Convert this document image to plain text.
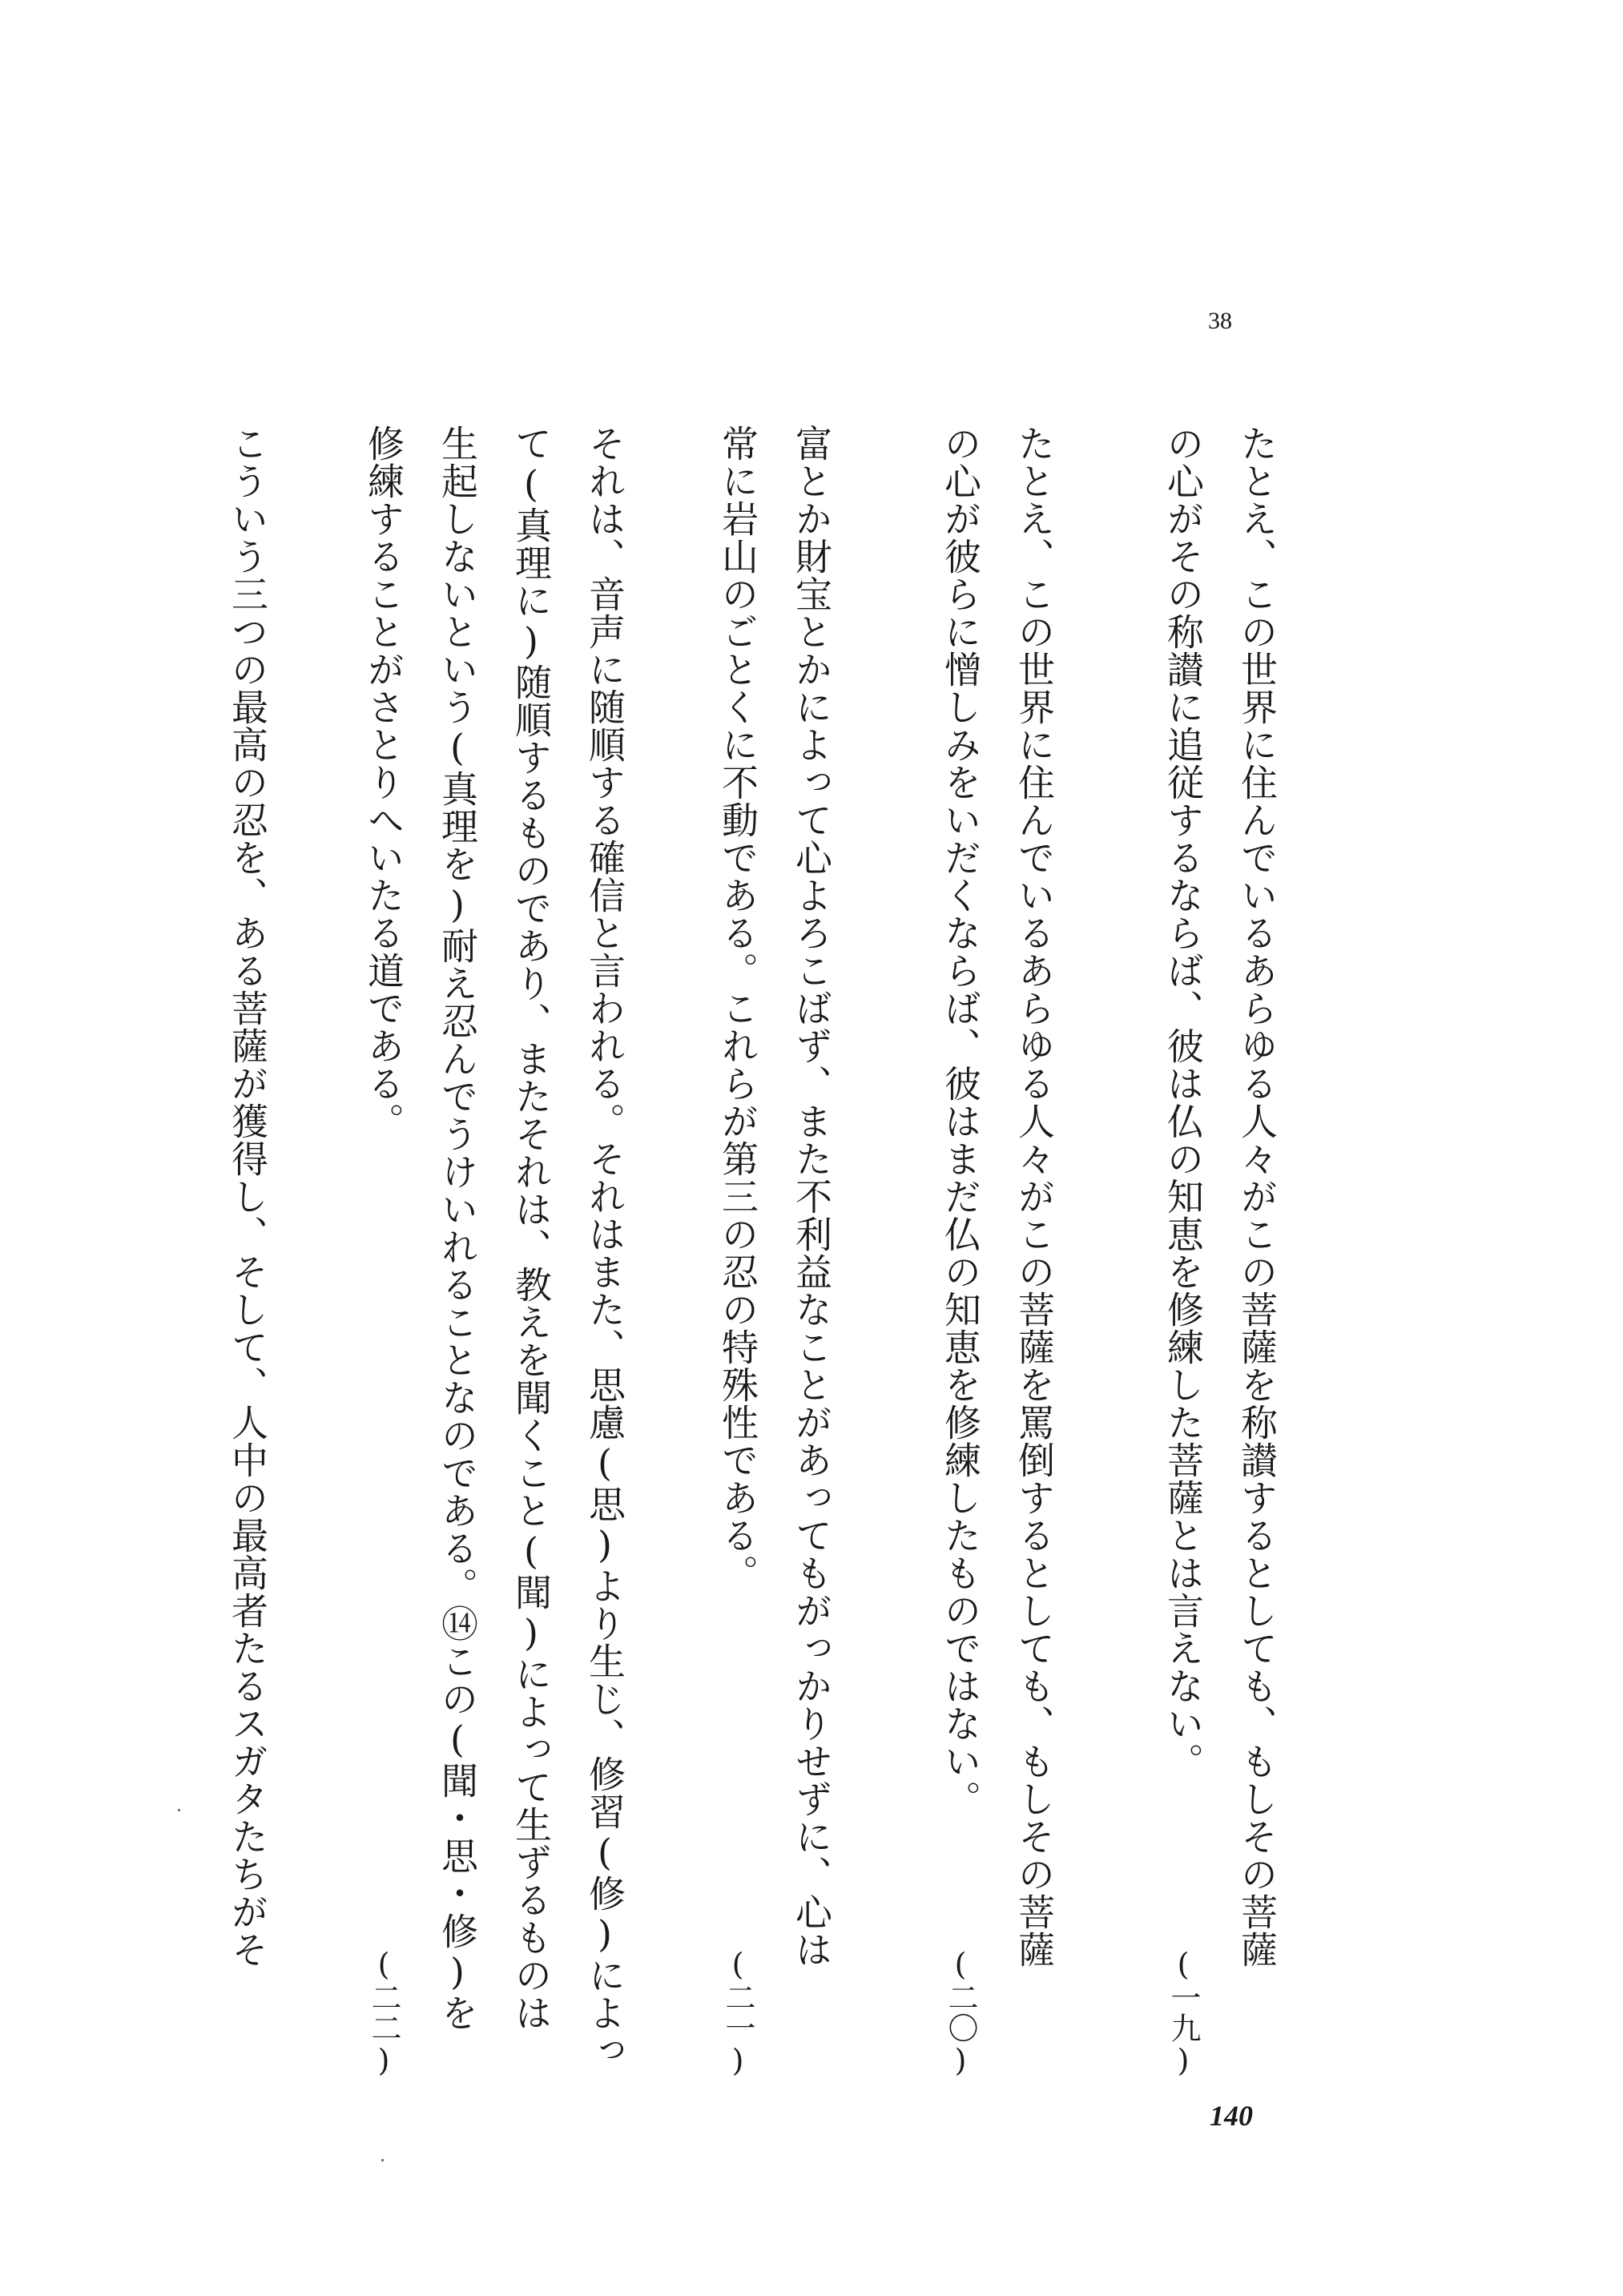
38
たとえ、この世界に住んでいるあらゆる人々がこの菩薩を称讃するとしても、もしその菩薩
の心がその称讃に追従するならば、彼は仏の知恵を修練した菩薩とは言えない。
(一九)
たとえ、この世界に住んでいるあらゆる人々がこの菩薩を罵倒するとしても、もしその菩薩
の心が彼らに憎しみをいだくならば、彼はまだ仏の知恵を修練したものではない。
(二〇)
富とか財宝とかによって心よろこばず、また不利益なことがあってもがっかりせずに、心は
常に岩山のごとくに不動である。これらが第三の忍の特殊性である。
(二一)
それは、音声に随順する確信と言われる。それはまた、思慮(思)より生じ、修習(修)によっ
て(真理に)随順するものであり、またそれは、教えを聞くこと(聞)によって生ずるものは
生起しないという(真理を)耐え忍んでうけいれることなのである。⑭この(聞・思・修)を
修練することがさとりへいたる道である。
(二二)
こういう三つの最高の忍を、ある菩薩が獲得し、そして、人中の最高者たるスガタたちがそ
140
